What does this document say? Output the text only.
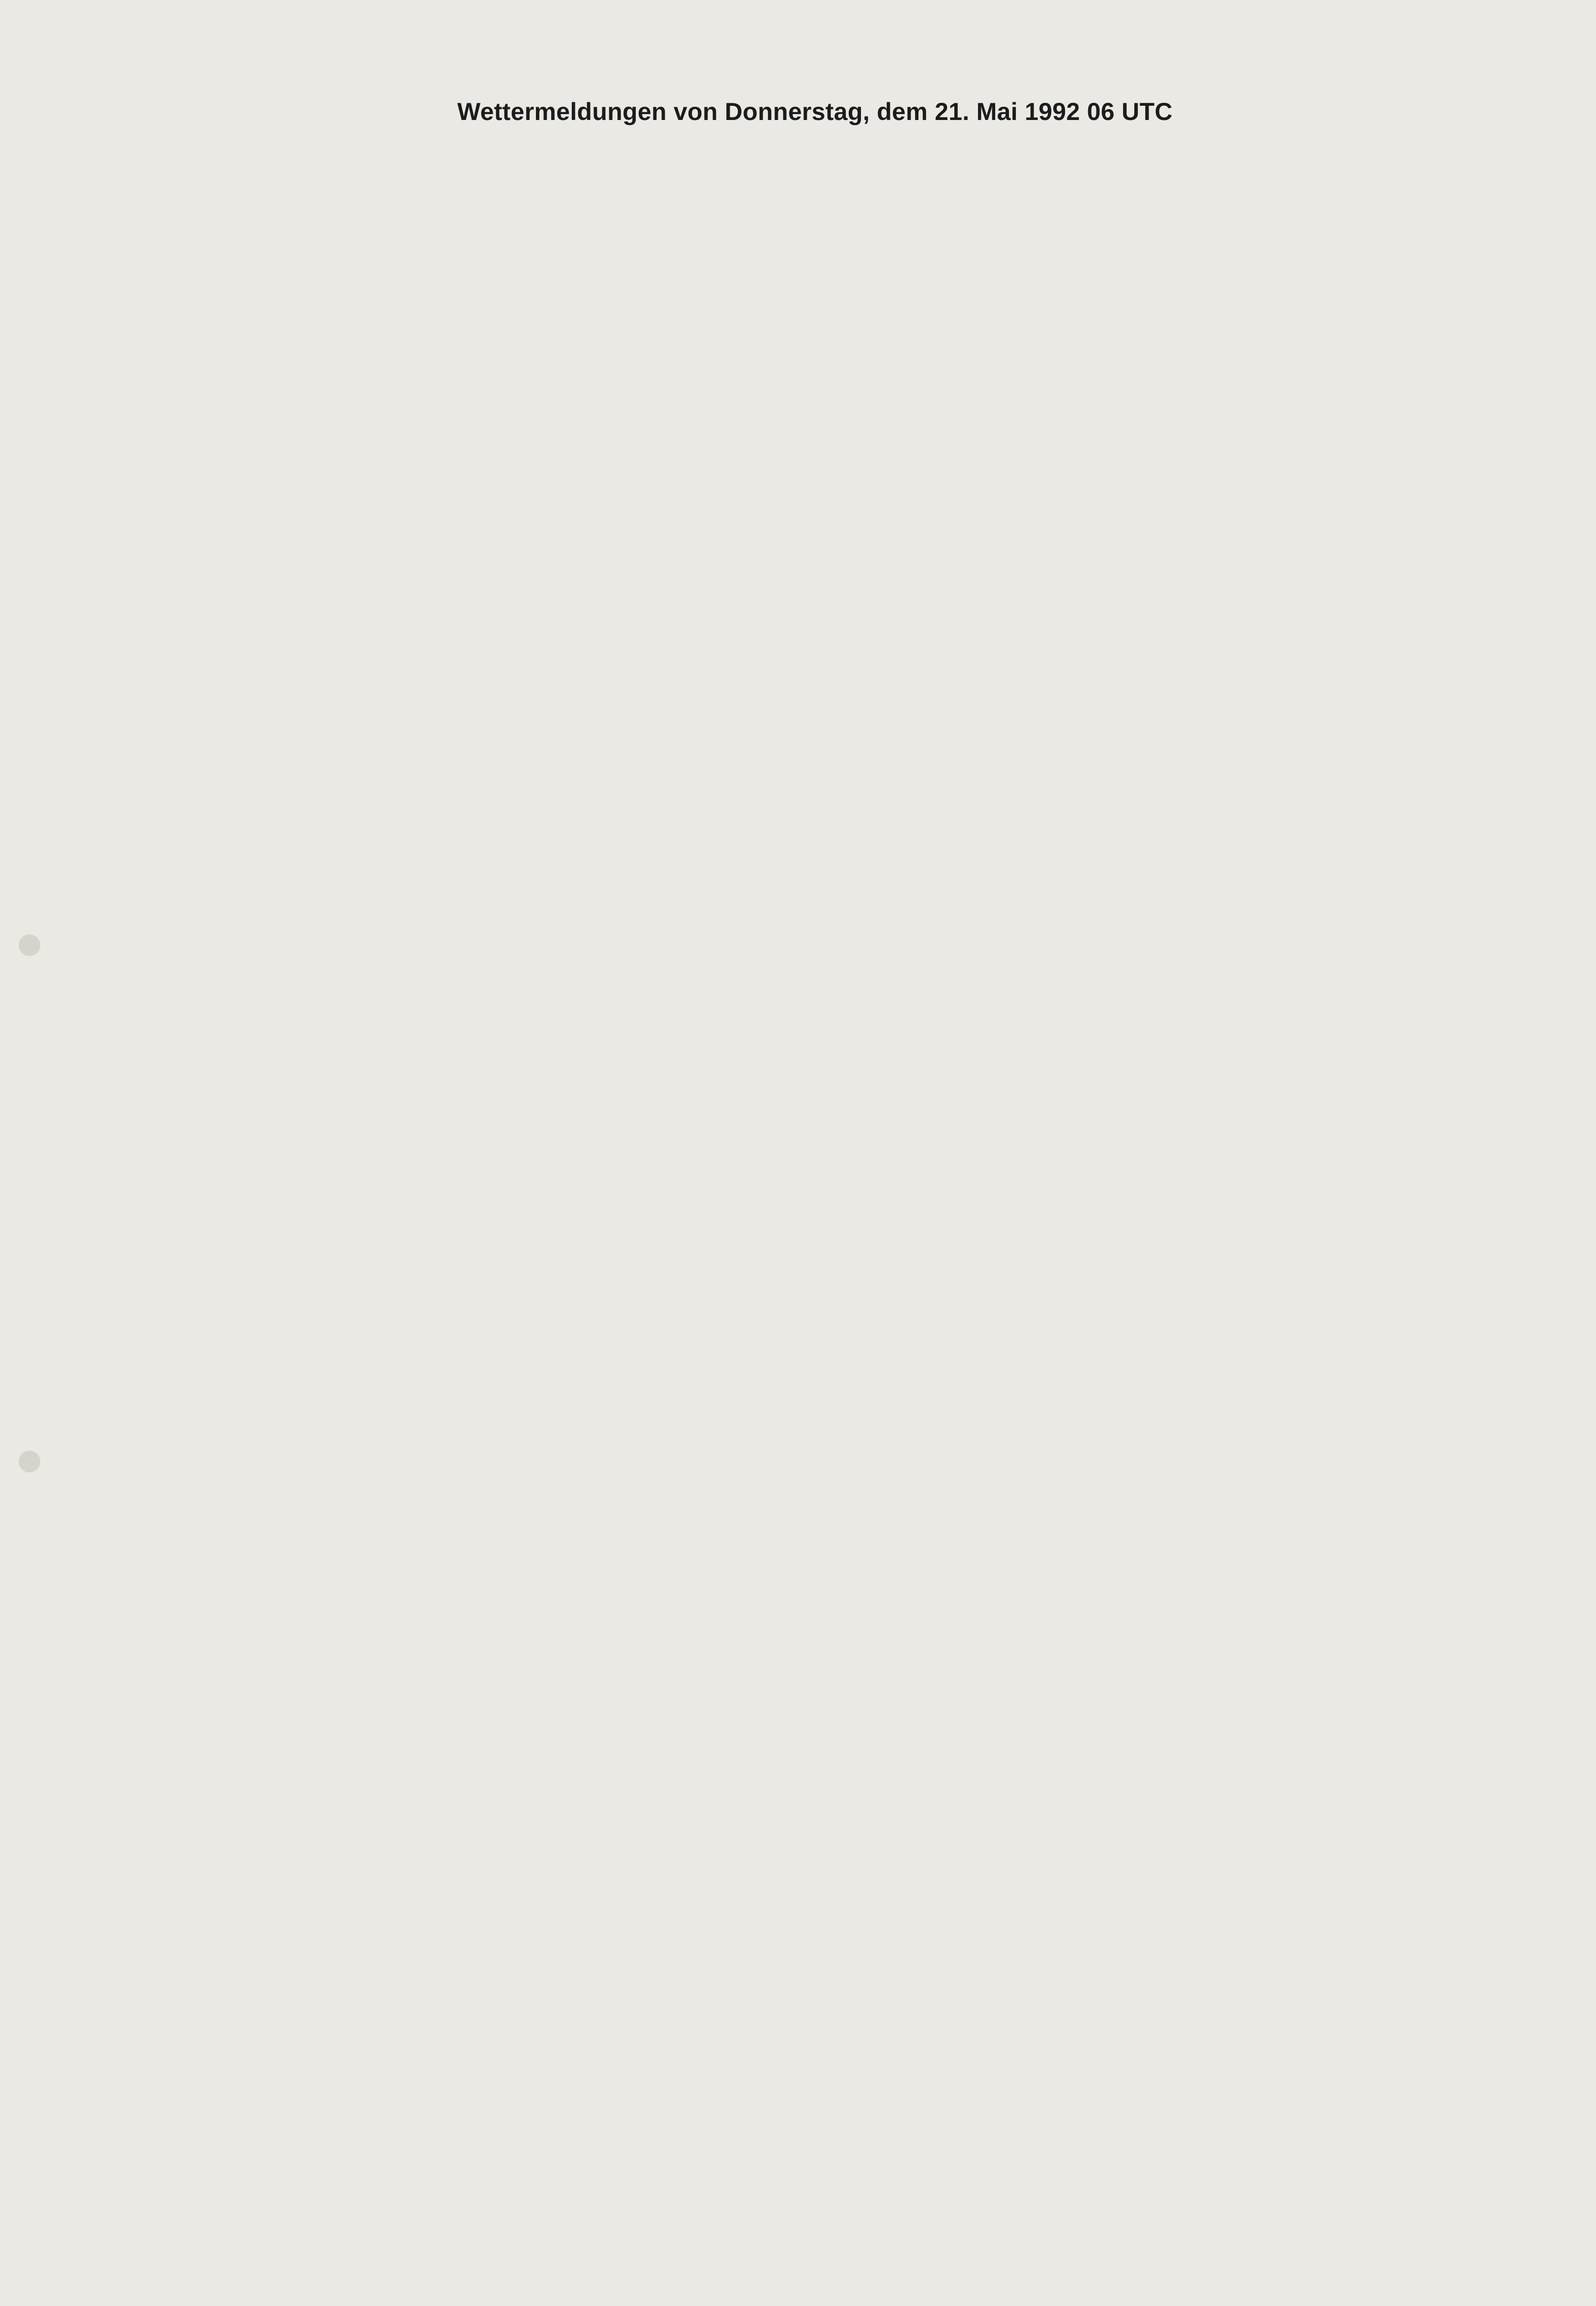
Wettermeldungen von Donnerstag, dem 21. Mai 1992 06 UTC
